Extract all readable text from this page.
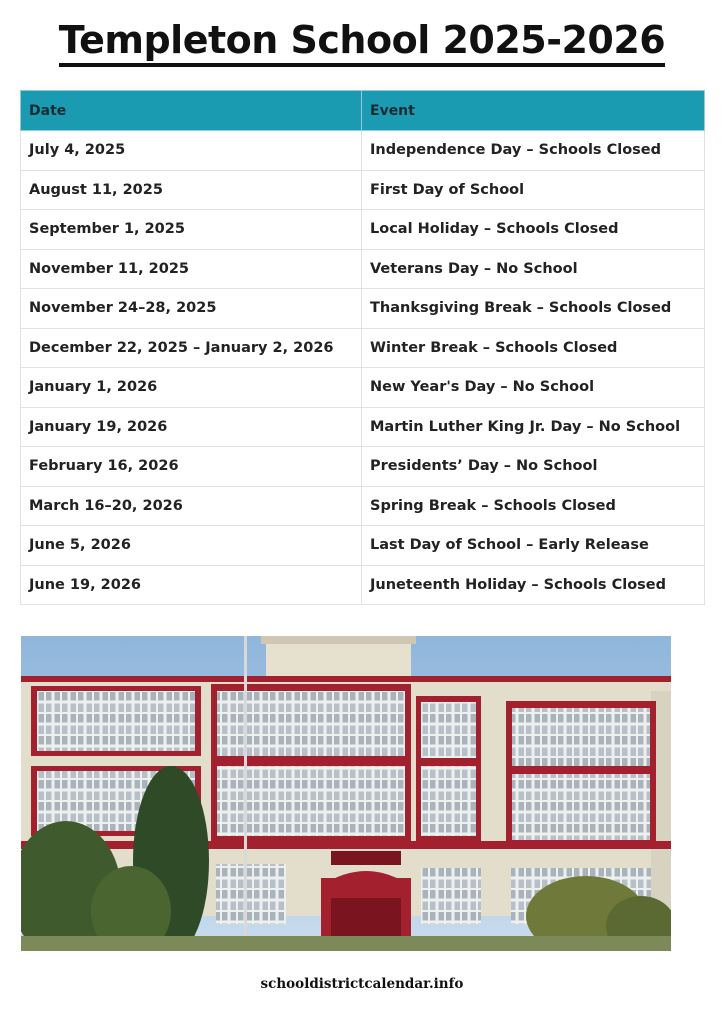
Templeton School 2025-2026
Date	Event
July 4, 2025	Independence Day – Schools Closed
August 11, 2025	First Day of School
September 1, 2025	Local Holiday – Schools Closed
November 11, 2025	Veterans Day – No School
November 24–28, 2025	Thanksgiving Break – Schools Closed
December 22, 2025 – January 2, 2026	Winter Break – Schools Closed
January 1, 2026	New Year's Day – No School
January 19, 2026	Martin Luther King Jr. Day – No School
February 16, 2026	Presidents’ Day – No School
March 16–20, 2026	Spring Break – Schools Closed
June 5, 2026	Last Day of School – Early Release
June 19, 2026	Juneteenth Holiday – Schools Closed
schooldistrictcalendar.info
